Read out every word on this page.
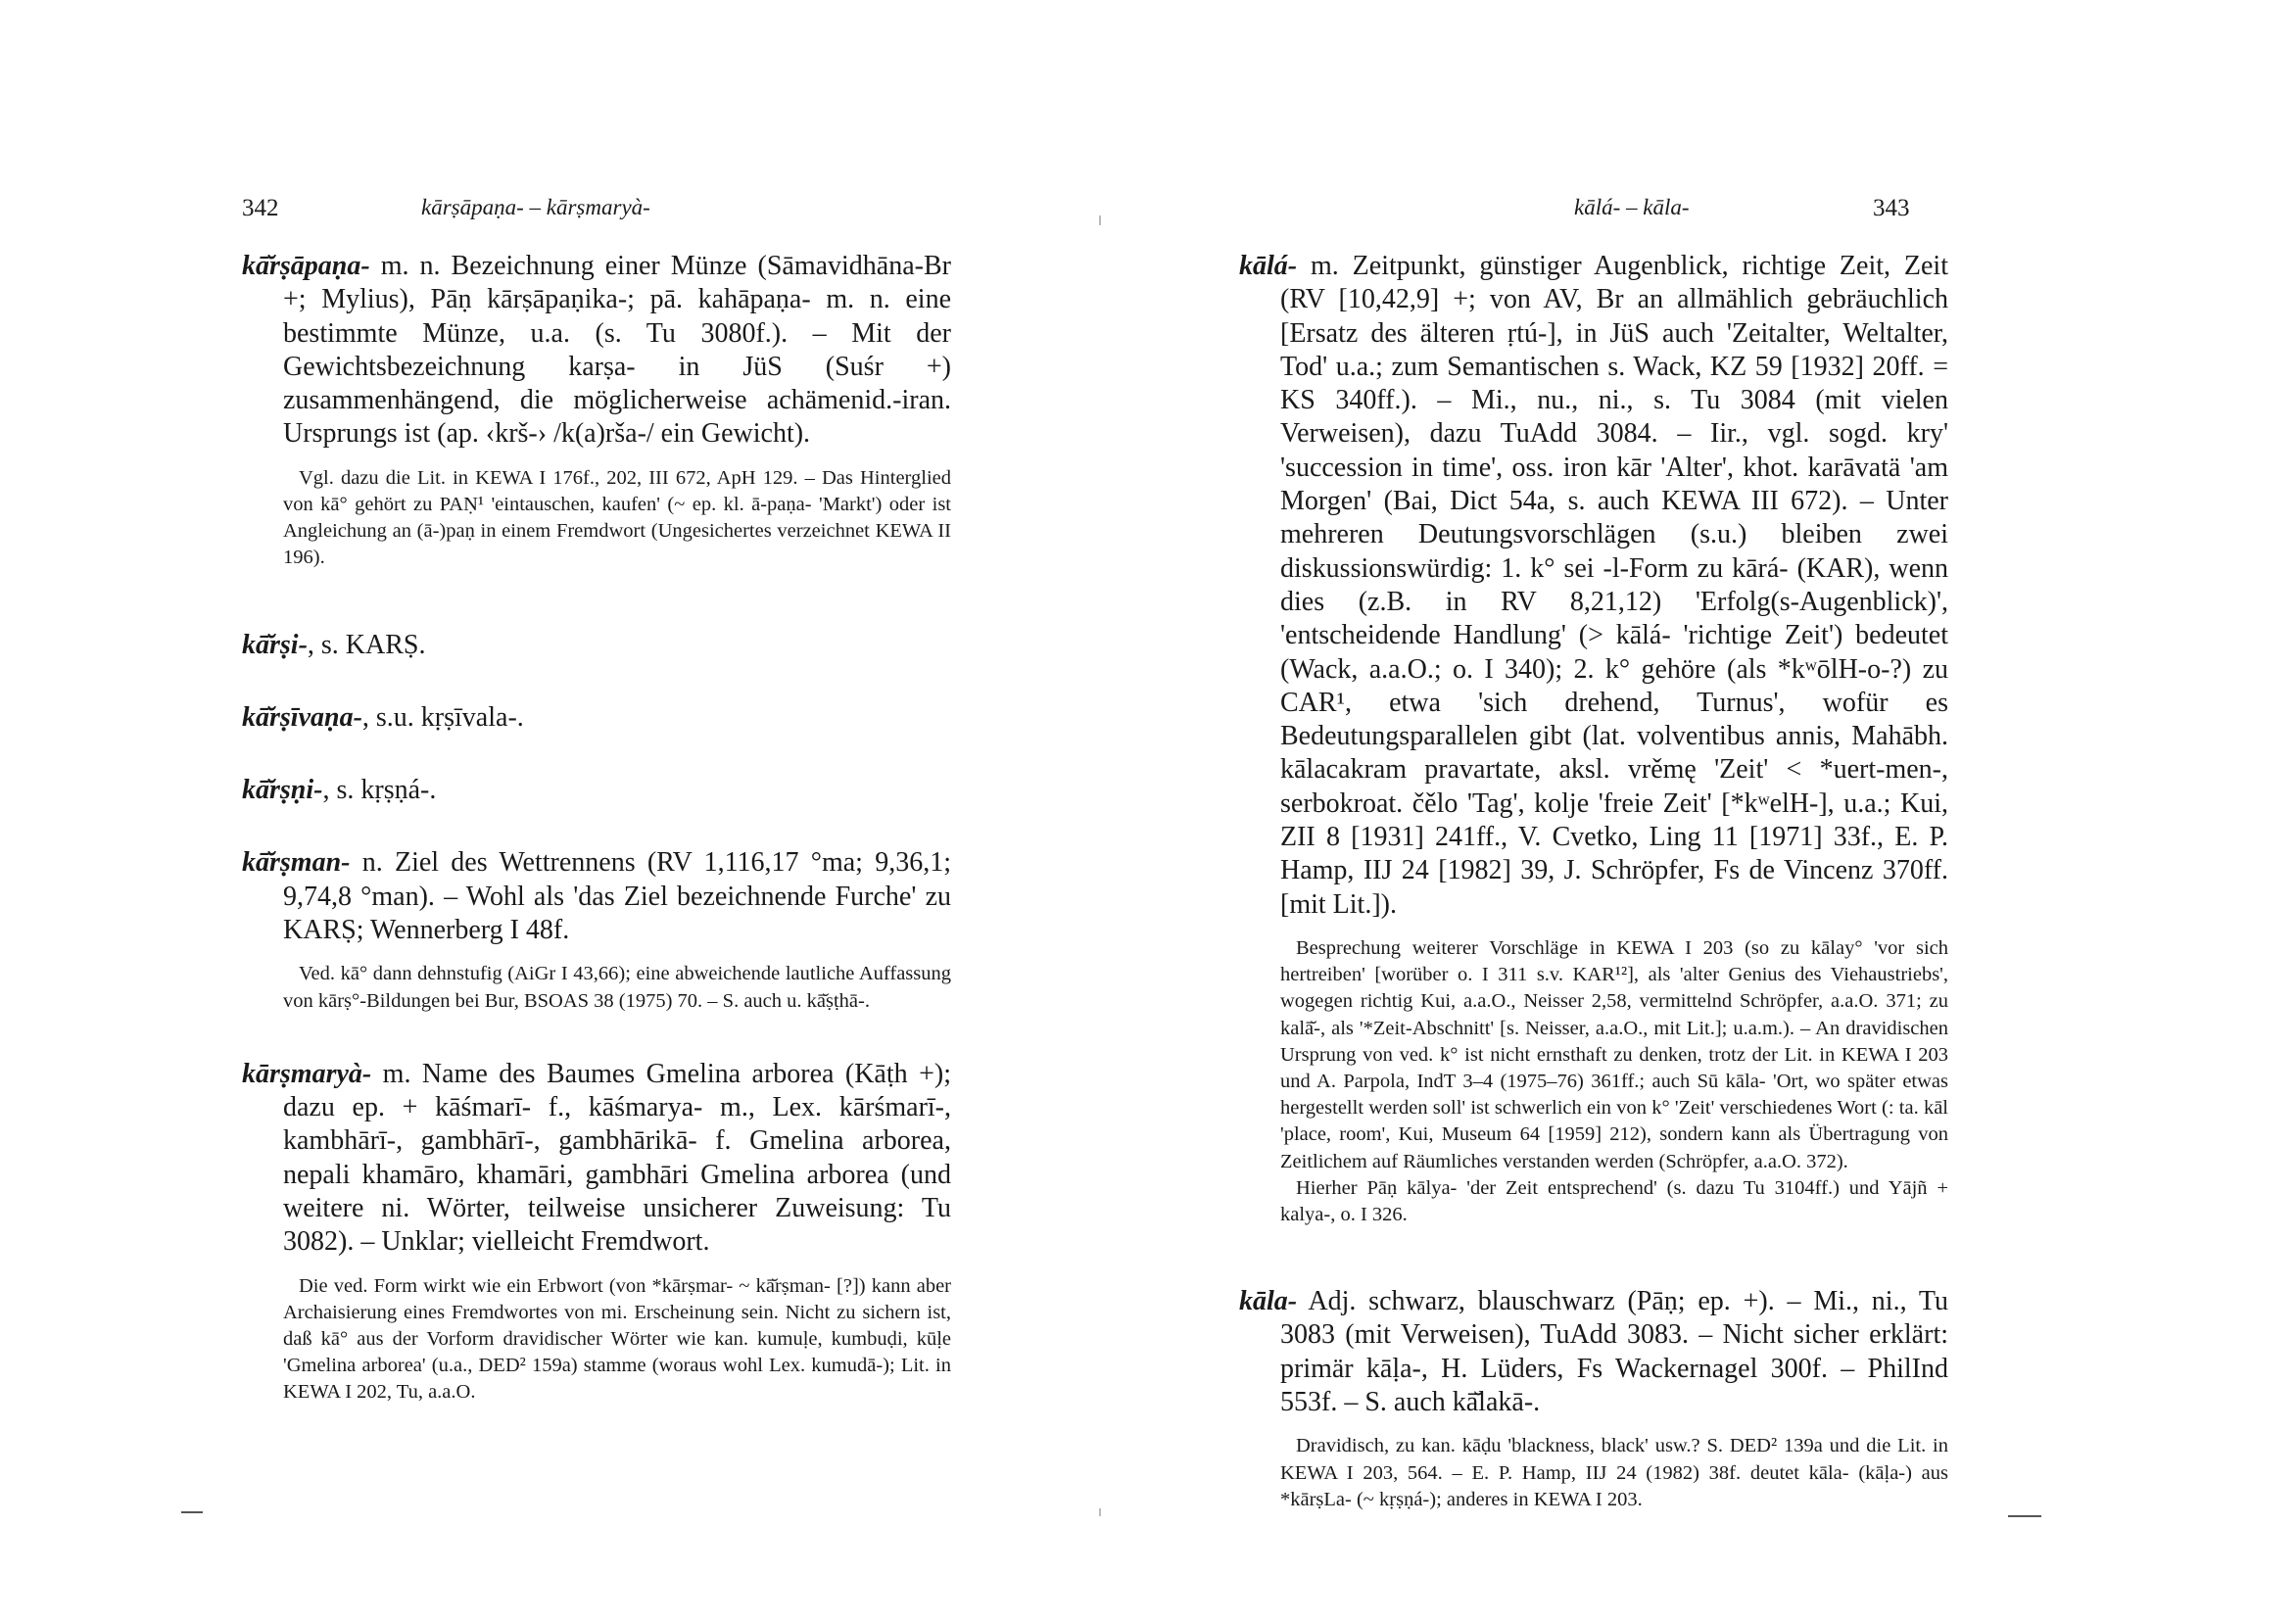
342	kārṣāpaṇa- – kārṣmaryà-

kā̆rṣāpaṇa- m. n. Bezeichnung einer Münze (Sāmavidhāna-Br +; Mylius), Pāṇ kārṣāpaṇika-; pā. kahāpaṇa- m. n. eine bestimmte Münze, u.a. (s. Tu 3080f.). – Mit der Gewichtsbezeichnung karṣa- in JüS (Suśr +) zusammenhängend, die möglicherweise achämenid.-iran. Ursprungs ist (ap. ‹krš-› /k(a)rša-/ ein Gewicht).

Vgl. dazu die Lit. in KEWA I 176f., 202, III 672, ApH 129. – Das Hinterglied von kā° gehört zu PAṆ¹ 'eintauschen, kaufen' (~ ep. kl. ā-paṇa- 'Markt') oder ist Angleichung an (ā-)paṇ in einem Fremdwort (Ungesichertes verzeichnet KEWA II 196).

kā̆rṣi-, s. KARṢ.

kā̆rṣīvaṇa-, s.u. kṛṣīvala-.

kā̆rṣṇi-, s. kṛṣṇá-.

kā̆rṣman- n. Ziel des Wettrennens (RV 1,116,17 °ma; 9,36,1; 9,74,8 °man). – Wohl als 'das Ziel bezeichnende Furche' zu KARṢ; Wennerberg I 48f.

Ved. kā° dann dehnstufig (AiGr I 43,66); eine abweichende lautliche Auffassung von kārṣ°-Bildungen bei Bur, BSOAS 38 (1975) 70. – S. auch u. kā̆ṣṭhā-.

kārṣmaryà- m. Name des Baumes Gmelina arborea (Kāṭh +); dazu ep. + kāśmarī- f., kāśmarya- m., Lex. kārśmarī-, kambhārī-, gambhārī-, gambhārikā- f. Gmelina arborea, nepali khamāro, khamāri, gambhāri Gmelina arborea (und weitere ni. Wörter, teilweise unsicherer Zuweisung: Tu 3082). – Unklar; vielleicht Fremdwort.

Die ved. Form wirkt wie ein Erbwort (von *kārṣmar- ~ kā̆rṣman- [?]) kann aber Archaisierung eines Fremdwortes von mi. Erscheinung sein. Nicht zu sichern ist, daß kā° aus der Vorform dravidischer Wörter wie kan. kumuḷe, kumbuḍi, kūḷe 'Gmelina arborea' (u.a., DED² 159a) stamme (woraus wohl Lex. kumudā-); Lit. in KEWA I 202, Tu, a.a.O.

kālá- – kāla-	343

kālá- m. Zeitpunkt, günstiger Augenblick, richtige Zeit, Zeit (RV [10,42,9] +; von AV, Br an allmählich gebräuchlich [Ersatz des älteren ṛtú-], in JüS auch 'Zeitalter, Weltalter, Tod' u.a.; zum Semantischen s. Wack, KZ 59 [1932] 20ff. = KS 340ff.). – Mi., nu., ni., s. Tu 3084 (mit vielen Verweisen), dazu TuAdd 3084. – Iir., vgl. sogd. kry' 'succession in time', oss. iron kār 'Alter', khot. karāvatä 'am Morgen' (Bai, Dict 54a, s. auch KEWA III 672). – Unter mehreren Deutungsvorschlägen (s.u.) bleiben zwei diskussionswürdig: 1. k° sei -l-Form zu kārá- (KAR), wenn dies (z.B. in RV 8,21,12) 'Erfolg(s-Augenblick)', 'entscheidende Handlung' (> kālá- 'richtige Zeit') bedeutet (Wack, a.a.O.; o. I 340); 2. k° gehöre (als *kʷōlH-o-?) zu CAR¹, etwa 'sich drehend, Turnus', wofür es Bedeutungsparallelen gibt (lat. volventibus annis, Mahābh. kālacakram pravartate, aksl. vrěmę 'Zeit' < *uert-men-, serbokroat. čělo 'Tag', kolje 'freie Zeit' [*kʷelH-], u.a.; Kui, ZII 8 [1931] 241ff., V. Cvetko, Ling 11 [1971] 33f., E. P. Hamp, IIJ 24 [1982] 39, J. Schröpfer, Fs de Vincenz 370ff. [mit Lit.]).

Besprechung weiterer Vorschläge in KEWA I 203 (so zu kālay° 'vor sich hertreiben' [worüber o. I 311 s.v. KAR¹²], als 'alter Genius des Viehaustriebs', wogegen richtig Kui, a.a.O., Neisser 2,58, vermittelnd Schröpfer, a.a.O. 371; zu kalā̆-, als '*Zeit-Abschnitt' [s. Neisser, a.a.O., mit Lit.]; u.a.m.). – An dravidischen Ursprung von ved. k° ist nicht ernsthaft zu denken, trotz der Lit. in KEWA I 203 und A. Parpola, IndT 3–4 (1975–76) 361ff.; auch Sū kāla- 'Ort, wo später etwas hergestellt werden soll' ist schwerlich ein von k° 'Zeit' verschiedenes Wort (: ta. kāl 'place, room', Kui, Museum 64 [1959] 212), sondern kann als Übertragung von Zeitlichem auf Räumliches verstanden werden (Schröpfer, a.a.O. 372).

Hierher Pāṇ kālya- 'der Zeit entsprechend' (s. dazu Tu 3104ff.) und Yājñ + kalya-, o. I 326.

kāla- Adj. schwarz, blauschwarz (Pāṇ; ep. +). – Mi., ni., Tu 3083 (mit Verweisen), TuAdd 3083. – Nicht sicher erklärt: primär kāḷa-, H. Lüders, Fs Wackernagel 300f. – PhilInd 553f. – S. auch kā̆lakā-.

Dravidisch, zu kan. kāḍu 'blackness, black' usw.? S. DED² 139a und die Lit. in KEWA I 203, 564. – E. P. Hamp, IIJ 24 (1982) 38f. deutet kāla- (kāḷa-) aus *kārṣLa- (~ kṛṣṇá-); anderes in KEWA I 203.
